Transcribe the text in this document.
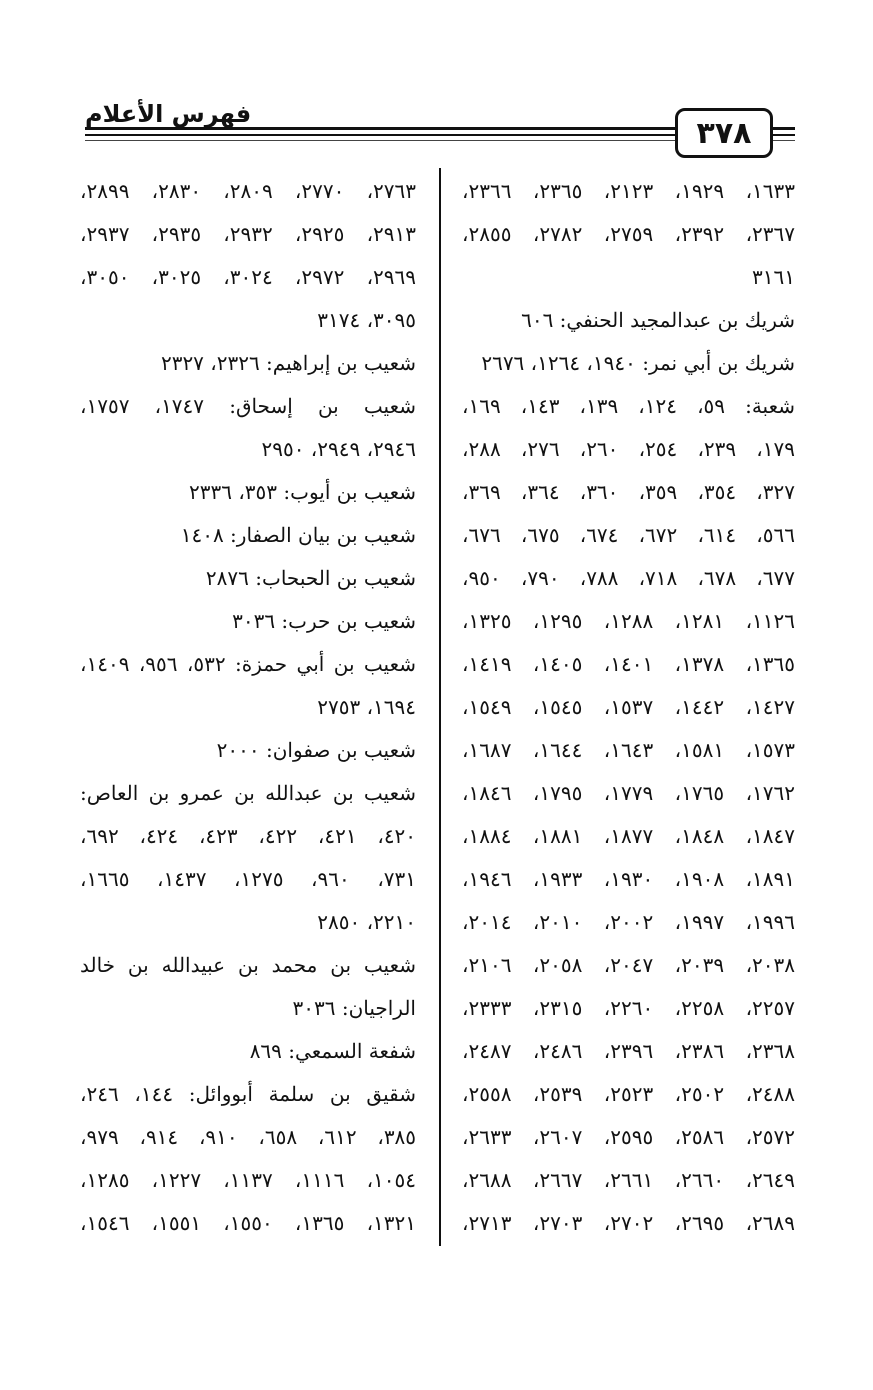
فهرس الأعلام
٣٧٨
١٦٣٣، ١٩٢٩، ٢١٢٣، ٢٣٦٥، ٢٣٦٦،
٢٣٦٧، ٢٣٩٢، ٢٧٥٩، ٢٧٨٢، ٢٨٥٥،
٣١٦١
شريك بن عبدالمجيد الحنفي: ٦٠٦
شريك بن أبي نمر: ١٩٤٠، ١٢٦٤، ٢٦٧٦
شعبة: ٥٩، ١٢٤، ١٣٩، ١٤٣، ١٦٩،
١٧٩، ٢٣٩، ٢٥٤، ٢٦٠، ٢٧٦، ٢٨٨،
٣٢٧، ٣٥٤، ٣٥٩، ٣٦٠، ٣٦٤، ٣٦٩،
٥٦٦، ٦١٤، ٦٧٢، ٦٧٤، ٦٧٥، ٦٧٦،
٦٧٧، ٦٧٨، ٧١٨، ٧٨٨، ٧٩٠، ٩٥٠،
١١٢٦، ١٢٨١، ١٢٨٨، ١٢٩٥، ١٣٢٥،
١٣٦٥، ١٣٧٨، ١٤٠١، ١٤٠٥، ١٤١٩،
١٤٢٧، ١٤٤٢، ١٥٣٧، ١٥٤٥، ١٥٤٩،
١٥٧٣، ١٥٨١، ١٦٤٣، ١٦٤٤، ١٦٨٧،
١٧٦٢، ١٧٦٥، ١٧٧٩، ١٧٩٥، ١٨٤٦،
١٨٤٧، ١٨٤٨، ١٨٧٧، ١٨٨١، ١٨٨٤،
١٨٩١، ١٩٠٨، ١٩٣٠، ١٩٣٣، ١٩٤٦،
١٩٩٦، ١٩٩٧، ٢٠٠٢، ٢٠١٠، ٢٠١٤،
٢٠٣٨، ٢٠٣٩، ٢٠٤٧، ٢٠٥٨، ٢١٠٦،
٢٢٥٧، ٢٢٥٨، ٢٢٦٠، ٢٣١٥، ٢٣٣٣،
٢٣٦٨، ٢٣٨٦، ٢٣٩٦، ٢٤٨٦، ٢٤٨٧،
٢٤٨٨، ٢٥٠٢، ٢٥٢٣، ٢٥٣٩، ٢٥٥٨،
٢٥٧٢، ٢٥٨٦، ٢٥٩٥، ٢٦٠٧، ٢٦٣٣،
٢٦٤٩، ٢٦٦٠، ٢٦٦١، ٢٦٦٧، ٢٦٨٨،
٢٦٨٩، ٢٦٩٥، ٢٧٠٢، ٢٧٠٣، ٢٧١٣،
٢٧٦٣، ٢٧٧٠، ٢٨٠٩، ٢٨٣٠، ٢٨٩٩،
٢٩١٣، ٢٩٢٥، ٢٩٣٢، ٢٩٣٥، ٢٩٣٧،
٢٩٦٩، ٢٩٧٢، ٣٠٢٤، ٣٠٢٥، ٣٠٥٠،
٣٠٩٥، ٣١٧٤
شعيب بن إبراهيم: ٢٣٢٦، ٢٣٢٧
شعيب بن إسحاق: ١٧٤٧، ١٧٥٧،
٢٩٤٦، ٢٩٤٩، ٢٩٥٠
شعيب بن أيوب: ٣٥٣، ٢٣٣٦
شعيب بن بيان الصفار: ١٤٠٨
شعيب بن الحبحاب: ٢٨٧٦
شعيب بن حرب: ٣٠٣٦
شعيب بن أبي حمزة: ٥٣٢، ٩٥٦، ١٤٠٩،
١٦٩٤، ٢٧٥٣
شعيب بن صفوان: ٢٠٠٠
شعيب بن عبدالله بن عمرو بن العاص:
٤٢٠، ٤٢١، ٤٢٢، ٤٢٣، ٤٢٤، ٦٩٢،
٧٣١، ٩٦٠، ١٢٧٥، ١٤٣٧، ١٦٦٥،
٢٢١٠، ٢٨٥٠
شعيب بن محمد بن عبيدالله بن خالد
الراجيان: ٣٠٣٦
شفعة السمعي: ٨٦٩
شقيق بن سلمة أبووائل: ١٤٤، ٢٤٦،
٣٨٥، ٦١٢، ٦٥٨، ٩١٠، ٩١٤، ٩٧٩،
١٠٥٤، ١١١٦، ١١٣٧، ١٢٢٧، ١٢٨٥،
١٣٢١، ١٣٦٥، ١٥٥٠، ١٥٥١، ١٥٤٦،
